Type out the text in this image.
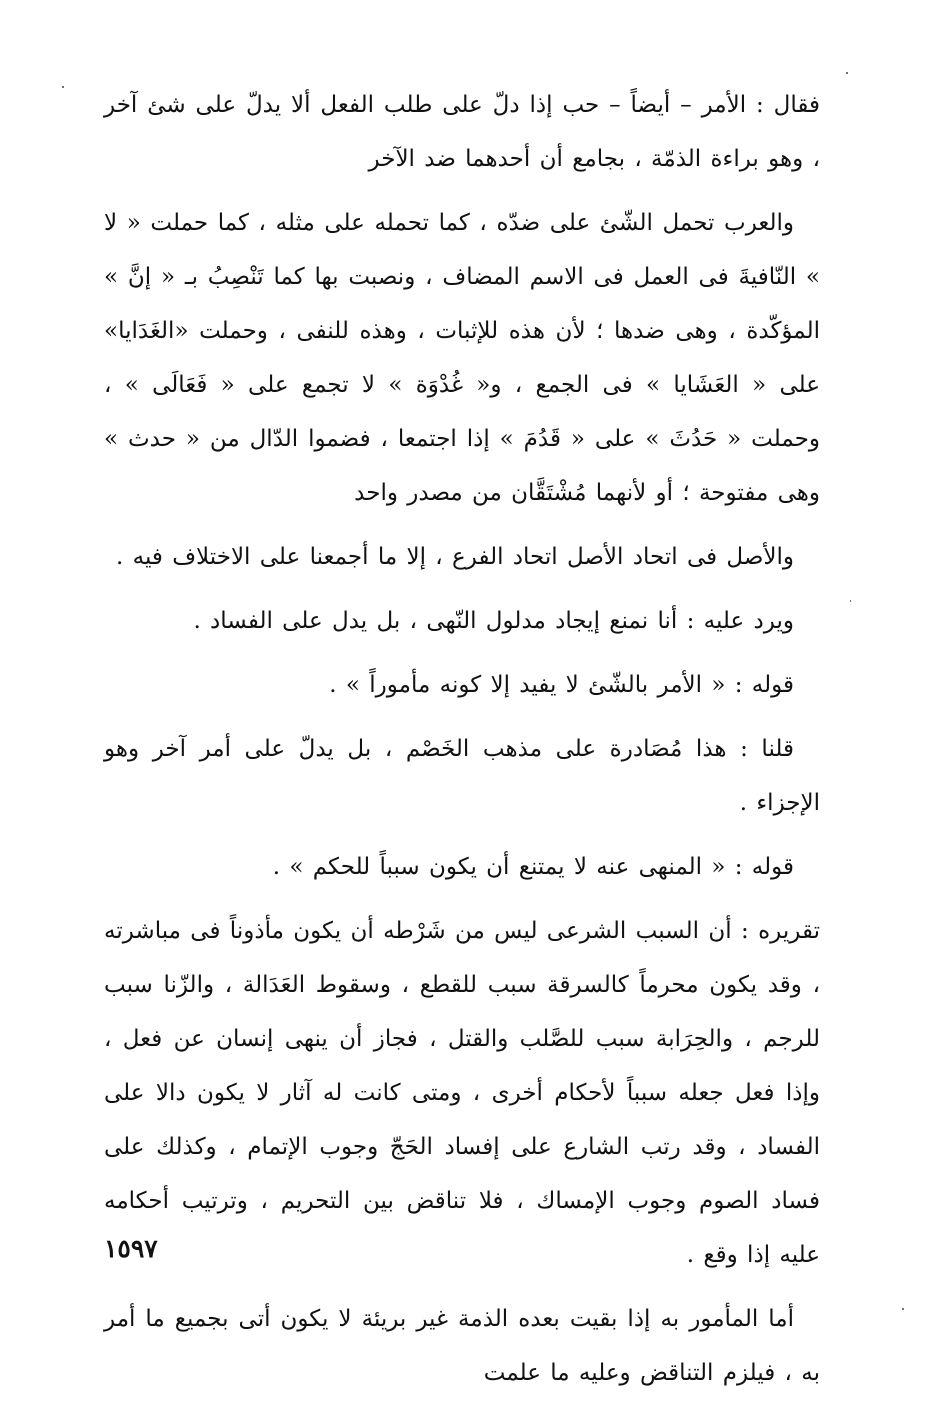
فقال : الأمر – أيضاً – حب إذا دلّ على طلب الفعل ألا يدلّ على شئ آخر ، وهو براءة الذمّة ، بجامع أن أحدهما ضد الآخر

والعرب تحمل الشّئ على ضدّه ، كما تحمله على مثله ، كما حملت « لا » النّافيةَ فى العمل فى الاسم المضاف ، ونصبت بها كما تَنْصِبُ بـ « إنَّ » المؤكّدة ، وهى ضدها ؛ لأن هذه للإثبات ، وهذه للنفى ، وحملت «الغَدَايا» على « العَشَايا » فى الجمع ، و« غُدْوَة » لا تجمع على « فَعَالَى » ، وحملت « حَدُثَ » على « قَدُمَ » إذا اجتمعا ، فضموا الدّال من « حدث » وهى مفتوحة ؛ أو لأنهما مُشْتَقَّان من مصدر واحد

والأصل فى اتحاد الأصل اتحاد الفرع ، إلا ما أجمعنا على الاختلاف فيه .

ويرد عليه : أنا نمنع إيجاد مدلول النّهى ، بل يدل على الفساد .

قوله : « الأمر بالشّئ لا يفيد إلا كونه مأموراً » .

قلنا : هذا مُصَادرة على مذهب الخَصْم ، بل يدلّ على أمر آخر وهو الإجزاء .

قوله : « المنهى عنه لا يمتنع أن يكون سبباً للحكم » .

تقريره : أن السبب الشرعى ليس من شَرْطه أن يكون مأذوناً فى مباشرته ، وقد يكون محرماً كالسرقة سبب للقطع ، وسقوط العَدَالة ، والزّنا سبب للرجم ، والحِرَابة سبب للصَّلب والقتل ، فجاز أن ينهى إنسان عن فعل ، وإذا فعل جعله سبباً لأحكام أخرى ، ومتى كانت له آثار لا يكون دالا على الفساد ، وقد رتب الشارع على إفساد الحَجّ وجوب الإتمام ، وكذلك على فساد الصوم وجوب الإمساك ، فلا تناقض بين التحريم ، وترتيب أحكامه عليه إذا وقع .

أما المأمور به إذا بقيت بعده الذمة غير بريئة لا يكون أتى بجميع ما أمر به ، فيلزم التناقض وعليه ما علمت

١٥٩٧
